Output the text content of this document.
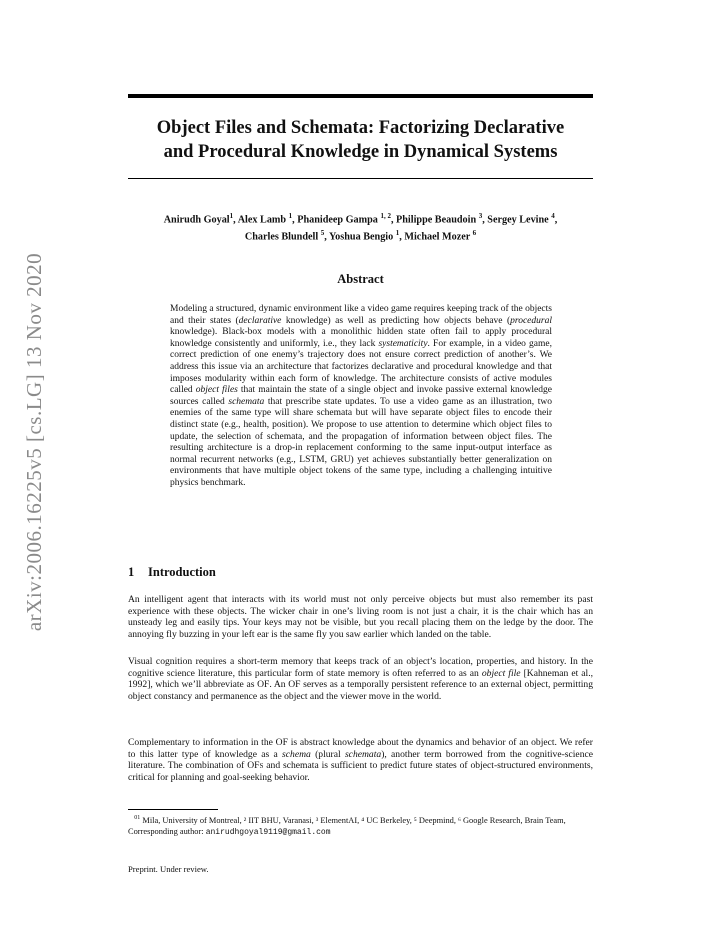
arXiv:2006.16225v5 [cs.LG] 13 Nov 2020
Object Files and Schemata: Factorizing Declarative
and Procedural Knowledge in Dynamical Systems
Anirudh Goyal$^1$, Alex Lamb $^1$, Phanideep Gampa $^{1, 2}$, Philippe Beaudoin $^3$, Sergey Levine $^4$,
Charles Blundell $^5$, Yoshua Bengio $^1$, Michael Mozer $^6$
Abstract
Modeling a structured, dynamic environment like a video game requires keeping track of the objects and their states (declarative knowledge) as well as predicting how objects behave (procedural knowledge). Black-box models with a monolithic hidden state often fail to apply procedural knowledge consistently and uniformly, i.e., they lack systematicity. For example, in a video game, correct prediction of one enemy’s trajectory does not ensure correct prediction of another’s. We address this issue via an architecture that factorizes declarative and procedural knowledge and that imposes modularity within each form of knowledge. The architecture consists of active modules called object files that maintain the state of a single object and invoke passive external knowledge sources called schemata that prescribe state updates. To use a video game as an illustration, two enemies of the same type will share schemata but will have separate object files to encode their distinct state (e.g., health, position). We propose to use attention to determine which object files to update, the selection of schemata, and the propagation of information between object files. The resulting architecture is a drop-in replacement conforming to the same input-output interface as normal recurrent networks (e.g., LSTM, GRU) yet achieves substantially better generalization on environments that have multiple object tokens of the same type, including a challenging intuitive physics benchmark.
1 Introduction
An intelligent agent that interacts with its world must not only perceive objects but must also remember its past experience with these objects. The wicker chair in one’s living room is not just a chair, it is the chair which has an unsteady leg and easily tips. Your keys may not be visible, but you recall placing them on the ledge by the door. The annoying fly buzzing in your left ear is the same fly you saw earlier which landed on the table.
Visual cognition requires a short-term memory that keeps track of an object’s location, properties, and history. In the cognitive science literature, this particular form of state memory is often referred to as an object file [Kahneman et al., 1992], which we’ll abbreviate as OF. An OF serves as a temporally persistent reference to an external object, permitting object constancy and permanence as the object and the viewer move in the world.
Complementary to information in the OF is abstract knowledge about the dynamics and behavior of an object. We refer to this latter type of knowledge as a schema (plural schemata), another term borrowed from the cognitive-science literature. The combination of OFs and schemata is sufficient to predict future states of object-structured environments, critical for planning and goal-seeking behavior.
$^{01}$ Mila, University of Montreal, ² IIT BHU, Varanasi, ³ ElementAI, ⁴ UC Berkeley, ⁵ Deepmind, ⁶ Google Research, Brain Team, Corresponding author: anirudhgoyal9119@gmail.com
Preprint. Under review.
